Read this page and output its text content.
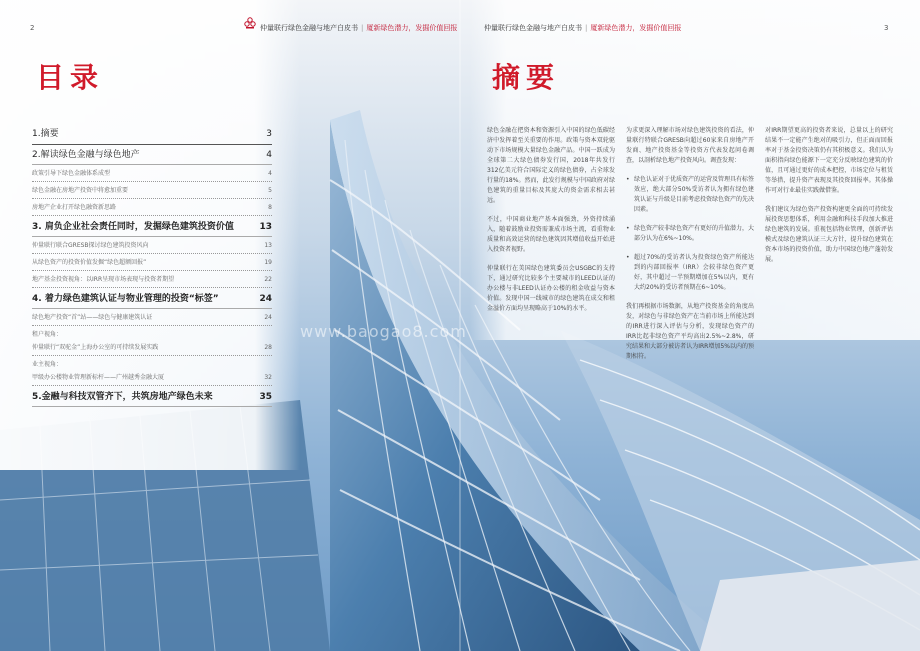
2	3
仲量联行绿色金融与地产白皮书 | 厦新绿色潜力，发掘价值回报	仲量联行绿色金融与地产白皮书 | 厦新绿色潜力，发掘价值回报
目录	摘要
1.摘要	3
2.解读绿色金融与绿色地产	4
政策引导下绿色金融体系成型	4
绿色金融在房地产投资中将愈加重要	5
房地产企业打开绿色融资新思路	8
3. 肩负企业社会责任同时，发掘绿色建筑投资价值	13
仲量联行联合GRESB探讨绿色建筑投资风向	13
从绿色资产的投资价值发掘“绿色超额回报”	19
地产基金投资视角：以IRR呈现市场表现与投资者期望	22
4. 着力绿色建筑认证与物业管理的投资“标签”	24
绿色地产投资“首”站——绿色与健康建筑认证	24
租户视角：
仲量联行“双驼金”上海办公室的可持续发展实践	28
业主视角：
甲级办公楼物业管理新标杆——广州越秀金融大厦	32
5.金融与科技双管齐下，共筑房地产绿色未来	35
www.baogao8.com

绿色金融在把资本和资源引入中国的绿色低碳经济中发挥着至关重要的作用。政策与资本双轮驱动下市场规模大量绿色金融产品。中国一跃成为全球第二大绿色债券发行国，2018年共发行312亿美元符合国际定义的绿色债券，占全球发行量的18%。然而，此发行规模与中国政府对绿色建筑的重量目标及其庞大的资金需求相去甚远。

不过，中国商业地产基本面强劲，外资持续涌入，随着鼓励业投资需兼成市场主流，看重物业质量和高效运营的绿色建筑因其增值收益开始进入投资者视野。

仲量联行在美国绿色建筑委员会USGBC的支持下，通过研究比较多个主要城市的LEED认证的办公楼与非LEED认证办公楼的租金收益与资本价值。发现中国一线城市的绿色建筑在成交和租金溢价方面均呈现略高于10%的水平。

为求更深入理解市场对绿色建筑投资的看法，仲量联行特联合GRESB向超过60家来自房地产开发商、地产投资基金等投资方代表发起问卷调查，以剖析绿色地产投资风向。调查发现：

• 绿色认证对于优质资产的运营及管理具有标签效应，绝大部分50%受访者认为拥有绿色建筑认证与升级是目前考虑投资绿色资产的先决因素。
• 绿色资产较非绿色资产有更好的升值潜力，大部分认为在6%~10%。
• 超过70%的受访者认为投资绿色资产所能达到的内部回报率（IRR）会较非绿色资产更好，其中超过一半预期增加在5%以内，更有大约20%的受访者预期在6~10%。

我们再根据市场数据，从地产投资基金的角度出发，对绿色与非绿色资产在当前市场上所能达到的IRR进行深入评估与分析，发现绿色资产的IRR比起非绿色资产平均高出2.5%~2.8%，研究结果和大部分被访者认为IRR增加5%以内的预期相符。

对IRR期望更高的投资者来说，总量以上的研究结果不一定能产生绝对的吸引力，但正面而回报率对于基金投资决策仍有其积极意义。我们认为面积指向绿色能源下一定充分反映绿色建筑的价值，且可通过更好的成本把控，市场定位与租赁等举措，提升资产表现及其投资回报率。其体操作可对行业最佳实践做借鉴。

我们建议为绿色资产投资构建更全面的可持续发展投资思想体系，利用金融和科技手段加大推进绿色建筑的发展。重视包括物业管理，创新评估模式及绿色建筑认证三大方针，提升绿色建筑在资本市场的投资价值，助力中国绿色地产蓬勃发展。
